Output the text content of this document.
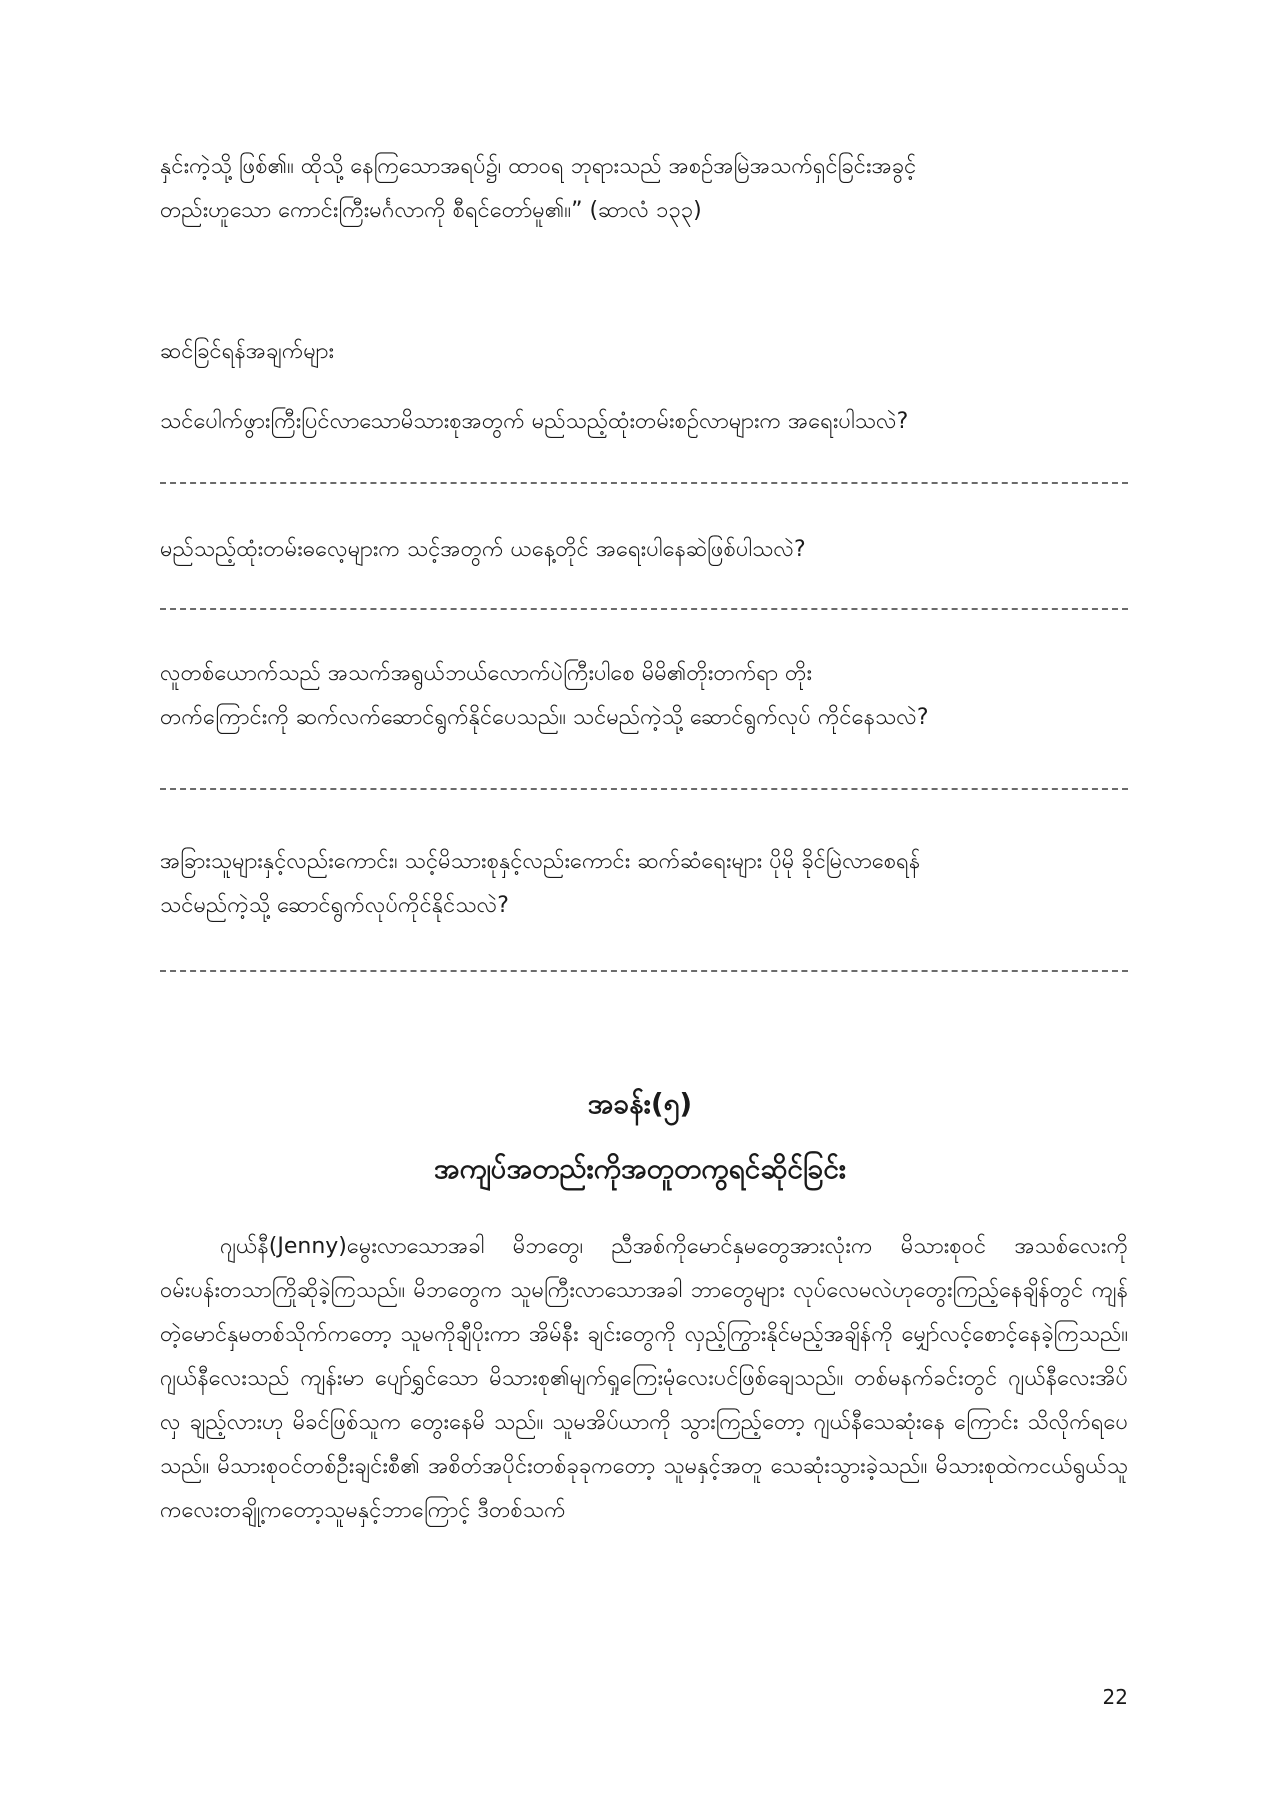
နှင်းကဲ့သို့ ဖြစ်၏။ ထိုသို့ နေကြသောအရပ်၌၊ ထာဝရ ဘုရားသည် အစဉ်အမြဲအသက်ရှင်ခြင်းအခွင့်

တည်းဟူသော ကောင်းကြီးမင်္ဂလာကို စီရင်တော်မူ၏။” (ဆာလံ ၁၃၃)

ဆင်ခြင်ရန်အချက်များ

သင်ပေါက်ဖွားကြီးပြင်လာသောမိသားစုအတွက် မည်သည့်ထုံးတမ်းစဉ်လာများက အရေးပါသလဲ?

မည်သည့်ထုံးတမ်းဓလေ့များက သင့်အတွက် ယနေ့တိုင် အရေးပါနေဆဲဖြစ်ပါသလဲ?

လူတစ်ယောက်သည် အသက်အရွယ်ဘယ်လောက်ပဲကြီးပါစေ မိမိ၏တိုးတက်ရာ တိုး
တက်ကြောင်းကို ဆက်လက်ဆောင်ရွက်နိုင်ပေသည်။ သင်မည်ကဲ့သို့ ဆောင်ရွက်လုပ် ကိုင်နေသလဲ?
အခြားသူများနှင့်လည်းကောင်း၊ သင့်မိသားစုနှင့်လည်းကောင်း ဆက်ဆံရေးများ ပိုမို ခိုင်မြဲလာစေရန်
သင်မည်ကဲ့သို့ ဆောင်ရွက်လုပ်ကိုင်နိုင်သလဲ?
အခန်း(၅)
အကျပ်အတည်းကိုအတူတကွရင်ဆိုင်ခြင်း

ဂျယ်နီ(Jenny)မွေးလာသောအခါ မိဘတွေ၊ ညီအစ်ကိုမောင်နှမတွေအားလုံးက မိသားစုဝင် အသစ်လေးကို ဝမ်းပန်းတသာကြိုဆိုခဲ့ကြသည်။ မိဘတွေက သူမကြီးလာသောအခါ ဘာတွေများ လုပ်လေမလဲဟုတွေးကြည့်နေချိန်တွင် ကျန်တဲ့မောင်နှမတစ်သိုက်ကတော့ သူမကိုချီပိုးကာ အိမ်နီး ချင်းတွေကို လှည့်ကြွားနိုင်မည့်အချိန်ကို မျှော်လင့်စောင့်နေခဲ့ကြသည်။ ဂျယ်နီလေးသည် ကျန်းမာ ပျော်ရွှင်သော မိသားစု၏မျက်ရှုကြေးမုံလေးပင်ဖြစ်ချေသည်။ တစ်မနက်ခင်းတွင် ဂျယ်နီလေးအိပ်လှ ချည့်လားဟု မိခင်ဖြစ်သူက တွေးနေမိ သည်။ သူမအိပ်ယာကို သွားကြည့်တော့ ဂျယ်နီသေဆုံးနေ ကြောင်း သိလိုက်ရပေသည်။ မိသားစုဝင်တစ်ဦးချင်းစီ၏ အစိတ်အပိုင်းတစ်ခုခုကတော့ သူမနှင့်အတူ သေဆုံးသွားခဲ့သည်။ မိသားစုထဲကငယ်ရွယ်သူကလေးတချို့ကတော့သူမနှင့်ဘာကြောင့် ဒီတစ်သက်

22
